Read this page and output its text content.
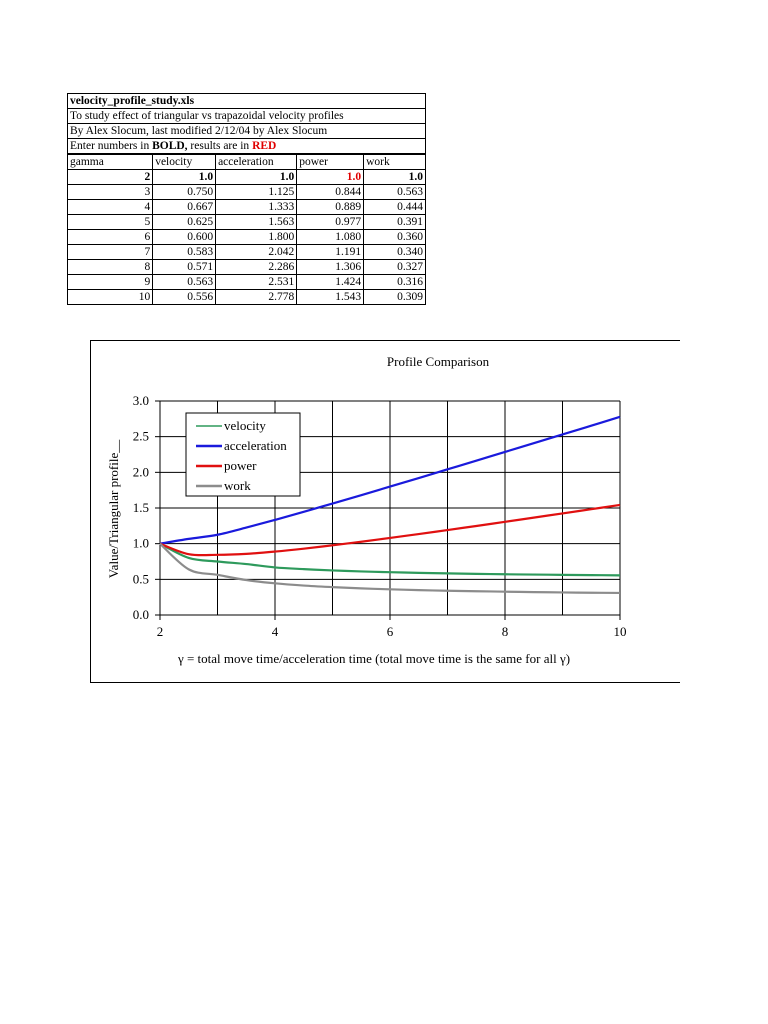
velocity_profile_study.xls				
To study effect of triangular vs trapazoidal velocity profiles				
By Alex Slocum, last modified 2/12/04 by Alex Slocum				
Enter numbers in BOLD, results are in RED				
gamma	velocity	acceleration	power	work
2	1.0	1.0	1.0	1.0
3	0.750	1.125	0.844	0.563
4	0.667	1.333	0.889	0.444
5	0.625	1.563	0.977	0.391
6	0.600	1.800	1.080	0.360
7	0.583	2.042	1.191	0.340
8	0.571	2.286	1.306	0.327
9	0.563	2.531	1.424	0.316
10	0.556	2.778	1.543	0.309
Profile Comparison
0.0
0.5
1.0
1.5
2.0
2.5
3.0
2	4	6	8	10
Value/Triangular profile__
γ = total move time/acceleration time (total move time is the same for all γ)
velocity
acceleration
power
work
